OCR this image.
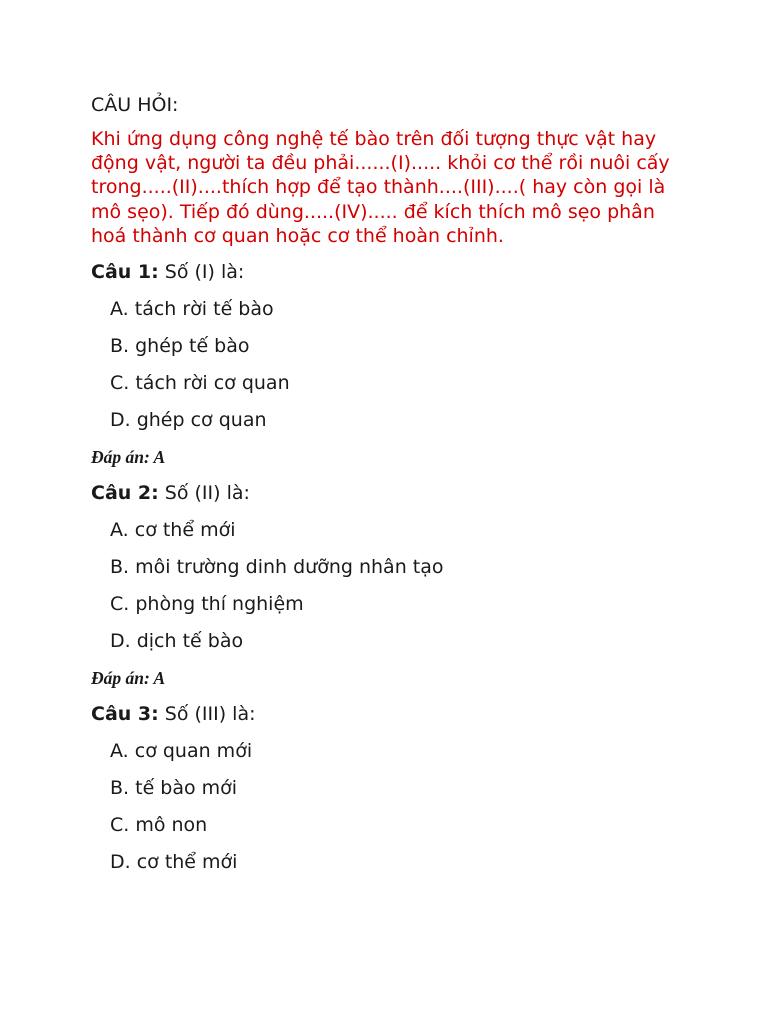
CÂU HỎI:
Khi ứng dụng công nghệ tế bào trên đối tượng thực vật hay động vật, người ta đều phải......(I)..... khỏi cơ thể rồi nuôi cấy trong.....(II)....thích hợp để tạo thành....(III)....( hay còn gọi là mô sẹo). Tiếp đó dùng.....(IV)..... để kích thích mô sẹo phân hoá thành cơ quan hoặc cơ thể hoàn chỉnh.

Câu 1: Số (I) là:

A. tách rời tế bào
B. ghép tế bào
C. tách rời cơ quan
D. ghép cơ quan
Đáp án: A

Câu 2: Số (II) là:

A. cơ thể mới
B. môi trường dinh dưỡng nhân tạo
C. phòng thí nghiệm
D. dịch tế bào
Đáp án: A

Câu 3: Số (III) là:

A. cơ quan mới
B. tế bào mới
C. mô non
D. cơ thể mới
